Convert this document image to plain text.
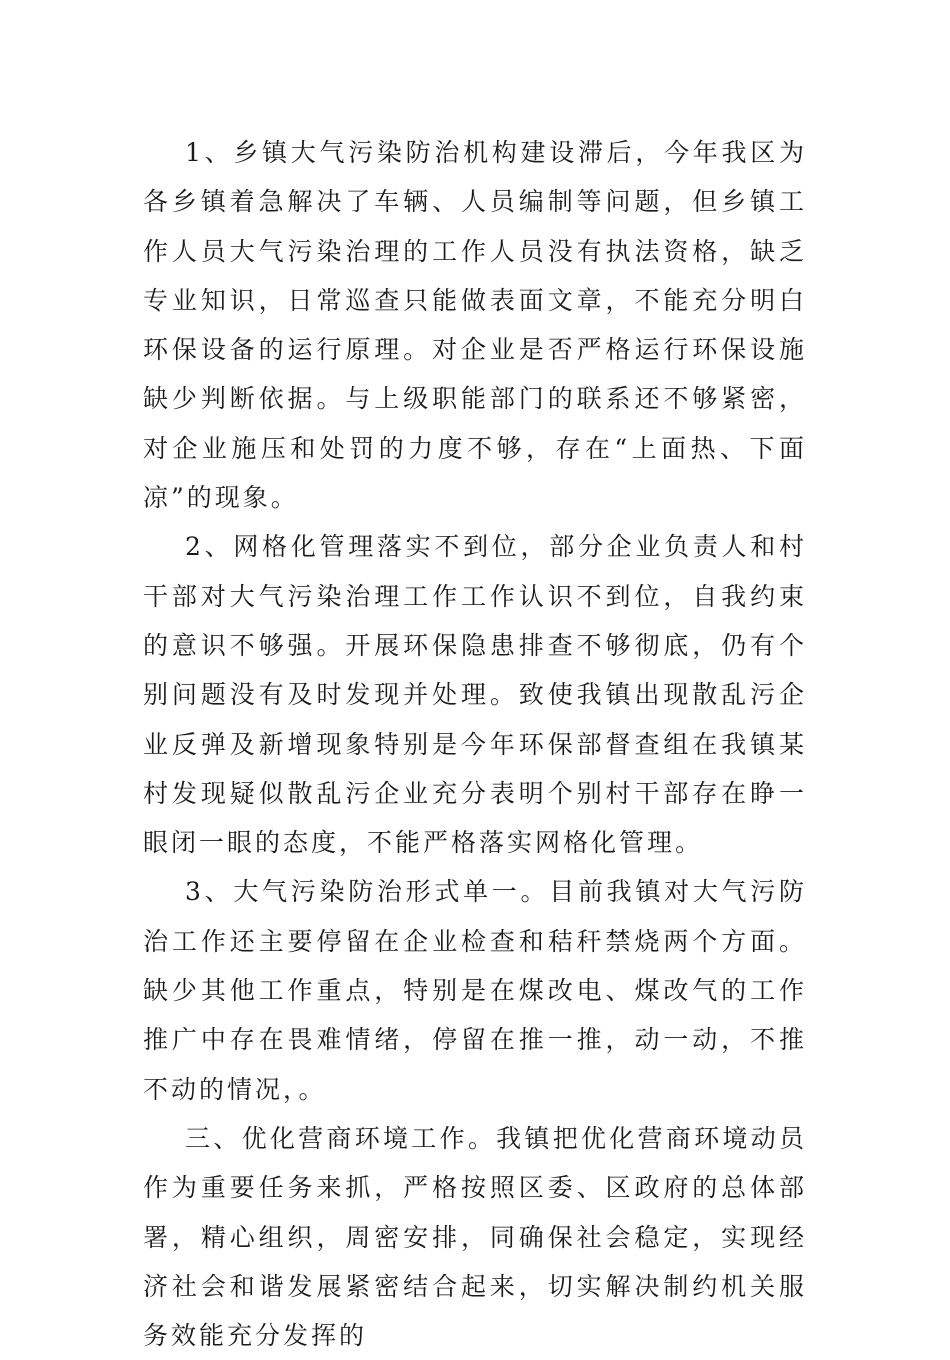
1、乡镇大气污染防治机构建设滞后，今年我区为各乡镇着急解决了车辆、人员编制等问题，但乡镇工作人员大气污染治理的工作人员没有执法资格，缺乏专业知识，日常巡查只能做表面文章，不能充分明白环保设备的运行原理。对企业是否严格运行环保设施缺少判断依据。与上级职能部门的联系还不够紧密，对企业施压和处罚的力度不够，存在“上面热、下面凉”的现象。

2、网格化管理落实不到位，部分企业负责人和村干部对大气污染治理工作工作认识不到位，自我约束的意识不够强。开展环保隐患排查不够彻底，仍有个别问题没有及时发现并处理。致使我镇出现散乱污企业反弹及新增现象特别是今年环保部督查组在我镇某村发现疑似散乱污企业充分表明个别村干部存在睁一眼闭一眼的态度，不能严格落实网格化管理。

3、大气污染防治形式单一。目前我镇对大气污防治工作还主要停留在企业检查和秸秆禁烧两个方面。缺少其他工作重点，特别是在煤改电、煤改气的工作推广中存在畏难情绪，停留在推一推，动一动，不推不动的情况，。

三、优化营商环境工作。我镇把优化营商环境动员作为重要任务来抓，严格按照区委、区政府的总体部署，精心组织，周密安排，同确保社会稳定，实现经济社会和谐发展紧密结合起来，切实解决制约机关服务效能充分发挥的
